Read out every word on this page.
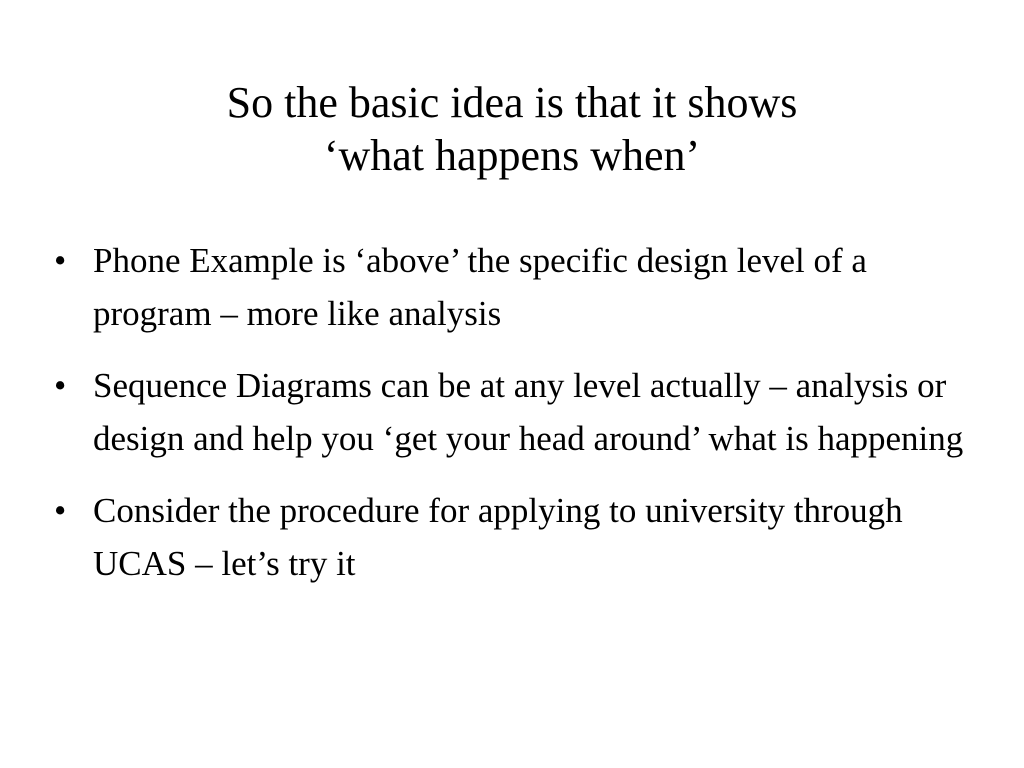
So the basic idea is that it shows
‘what happens when’
• Phone Example is ‘above’ the specific design level of a program – more like analysis
• Sequence Diagrams can be at any level actually – analysis or design and help you ‘get your head around’ what is happening
• Consider the procedure for applying to university through UCAS – let’s try it
